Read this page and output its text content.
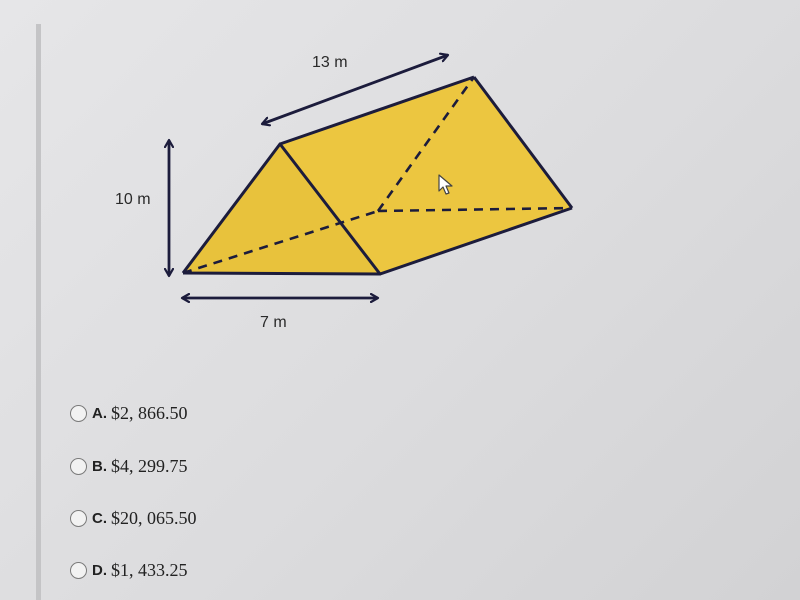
13 m
10 m
7 m
A. $2, 866.50
B. $4, 299.75
C. $20, 065.50
D. $1, 433.25
